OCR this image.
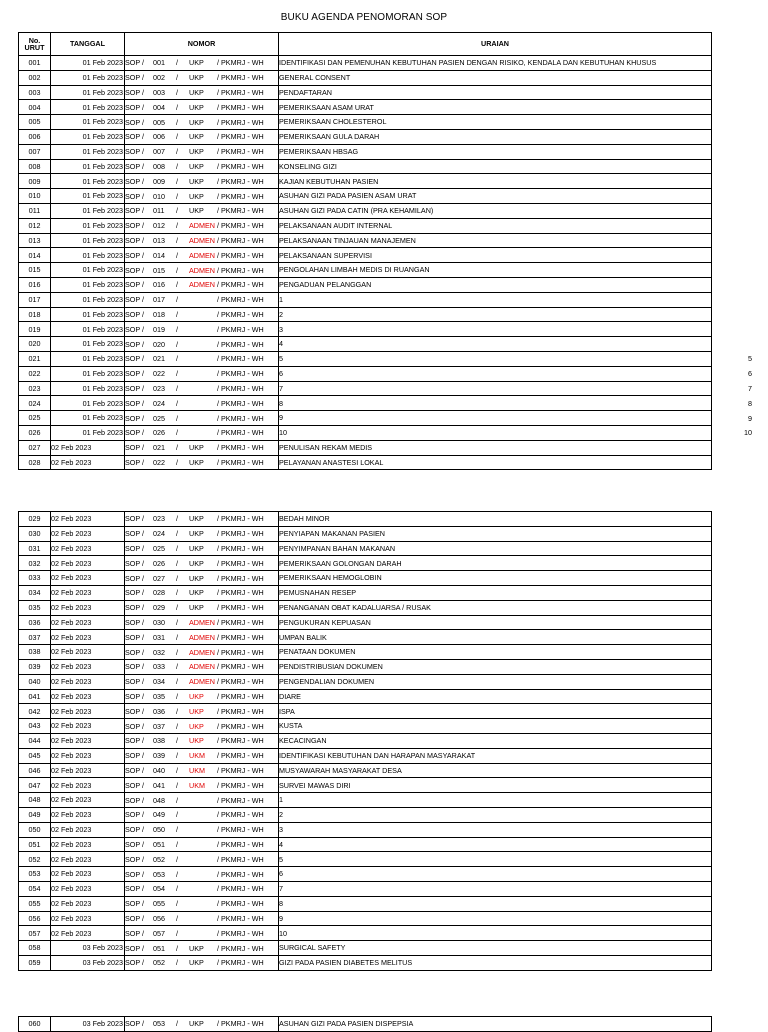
BUKU AGENDA PENOMORAN SOP
No. URUT	TANGGAL	NOMOR	URAIAN
001	01 Feb 2023	SOP / 001 / UKP / PKMRJ - WH	IDENTIFIKASI DAN PEMENUHAN KEBUTUHAN PASIEN DENGAN RISIKO, KENDALA DAN KEBUTUHAN KHUSUS
002	01 Feb 2023	SOP / 002 / UKP / PKMRJ - WH	GENERAL CONSENT
003	01 Feb 2023	SOP / 003 / UKP / PKMRJ - WH	PENDAFTARAN
004	01 Feb 2023	SOP / 004 / UKP / PKMRJ - WH	PEMERIKSAAN ASAM URAT
005	01 Feb 2023	SOP / 005 / UKP / PKMRJ - WH	PEMERIKSAAN CHOLESTEROL
006	01 Feb 2023	SOP / 006 / UKP / PKMRJ - WH	PEMERIKSAAN GULA DARAH
007	01 Feb 2023	SOP / 007 / UKP / PKMRJ - WH	PEMERIKSAAN HBSAG
008	01 Feb 2023	SOP / 008 / UKP / PKMRJ - WH	KONSELING GIZI
009	01 Feb 2023	SOP / 009 / UKP / PKMRJ - WH	KAJIAN KEBUTUHAN PASIEN
010	01 Feb 2023	SOP / 010 / UKP / PKMRJ - WH	ASUHAN GIZI PADA PASIEN ASAM URAT
011	01 Feb 2023	SOP / 011 / UKP / PKMRJ - WH	ASUHAN GIZI PADA CATIN (PRA KEHAMILAN)
012	01 Feb 2023	SOP / 012 / ADMEN / PKMRJ - WH	PELAKSANAAN AUDIT INTERNAL
013	01 Feb 2023	SOP / 013 / ADMEN / PKMRJ - WH	PELAKSANAAN TINJAUAN MANAJEMEN
014	01 Feb 2023	SOP / 014 / ADMEN / PKMRJ - WH	PELAKSANAAN SUPERVISI
015	01 Feb 2023	SOP / 015 / ADMEN / PKMRJ - WH	PENGOLAHAN LIMBAH MEDIS DI RUANGAN
016	01 Feb 2023	SOP / 016 / ADMEN / PKMRJ - WH	PENGADUAN PELANGGAN
017	01 Feb 2023	SOP / 017 / / PKMRJ - WH	1
018	01 Feb 2023	SOP / 018 / / PKMRJ - WH	2
019	01 Feb 2023	SOP / 019 / / PKMRJ - WH	3
020	01 Feb 2023	SOP / 020 / / PKMRJ - WH	4
021	01 Feb 2023	SOP / 021 / / PKMRJ - WH	5
022	01 Feb 2023	SOP / 022 / / PKMRJ - WH	6
023	01 Feb 2023	SOP / 023 / / PKMRJ - WH	7
024	01 Feb 2023	SOP / 024 / / PKMRJ - WH	8
025	01 Feb 2023	SOP / 025 / / PKMRJ - WH	9
026	01 Feb 2023	SOP / 026 / / PKMRJ - WH	10
027	02 Feb 2023	SOP / 021 / UKP / PKMRJ - WH	PENULISAN REKAM MEDIS
028	02 Feb 2023	SOP / 022 / UKP / PKMRJ - WH	PELAYANAN ANASTESI LOKAL
029	02 Feb 2023	SOP / 023 / UKP / PKMRJ - WH	BEDAH MINOR
030	02 Feb 2023	SOP / 024 / UKP / PKMRJ - WH	PENYIAPAN MAKANAN PASIEN
031	02 Feb 2023	SOP / 025 / UKP / PKMRJ - WH	PENYIMPANAN BAHAN MAKANAN
032	02 Feb 2023	SOP / 026 / UKP / PKMRJ - WH	PEMERIKSAAN GOLONGAN DARAH
033	02 Feb 2023	SOP / 027 / UKP / PKMRJ - WH	PEMERIKSAAN HEMOGLOBIN
034	02 Feb 2023	SOP / 028 / UKP / PKMRJ - WH	PEMUSNAHAN RESEP
035	02 Feb 2023	SOP / 029 / UKP / PKMRJ - WH	PENANGANAN OBAT KADALUARSA / RUSAK
036	02 Feb 2023	SOP / 030 / ADMEN / PKMRJ - WH	PENGUKURAN KEPUASAN
037	02 Feb 2023	SOP / 031 / ADMEN / PKMRJ - WH	UMPAN BALIK
038	02 Feb 2023	SOP / 032 / ADMEN / PKMRJ - WH	PENATAAN DOKUMEN
039	02 Feb 2023	SOP / 033 / ADMEN / PKMRJ - WH	PENDISTRIBUSIAN DOKUMEN
040	02 Feb 2023	SOP / 034 / ADMEN / PKMRJ - WH	PENGENDALIAN DOKUMEN
041	02 Feb 2023	SOP / 035 / UKP / PKMRJ - WH	DIARE
042	02 Feb 2023	SOP / 036 / UKP / PKMRJ - WH	ISPA
043	02 Feb 2023	SOP / 037 / UKP / PKMRJ - WH	KUSTA
044	02 Feb 2023	SOP / 038 / UKP / PKMRJ - WH	KECACINGAN
045	02 Feb 2023	SOP / 039 / UKM / PKMRJ - WH	IDENTIFIKASI KEBUTUHAN DAN HARAPAN MASYARAKAT
046	02 Feb 2023	SOP / 040 / UKM / PKMRJ - WH	MUSYAWARAH MASYARAKAT DESA
047	02 Feb 2023	SOP / 041 / UKM / PKMRJ - WH	SURVEI MAWAS DIRI
048	02 Feb 2023	SOP / 048 / / PKMRJ - WH	1
049	02 Feb 2023	SOP / 049 / / PKMRJ - WH	2
050	02 Feb 2023	SOP / 050 / / PKMRJ - WH	3
051	02 Feb 2023	SOP / 051 / / PKMRJ - WH	4
052	02 Feb 2023	SOP / 052 / / PKMRJ - WH	5
053	02 Feb 2023	SOP / 053 / / PKMRJ - WH	6
054	02 Feb 2023	SOP / 054 / / PKMRJ - WH	7
055	02 Feb 2023	SOP / 055 / / PKMRJ - WH	8
056	02 Feb 2023	SOP / 056 / / PKMRJ - WH	9
057	02 Feb 2023	SOP / 057 / / PKMRJ - WH	10
058	03 Feb 2023	SOP / 051 / UKP / PKMRJ - WH	SURGICAL SAFETY
059	03 Feb 2023	SOP / 052 / UKP / PKMRJ - WH	GIZI PADA PASIEN DIABETES MELITUS
060	03 Feb 2023	SOP / 053 / UKP / PKMRJ - WH	ASUHAN GIZI PADA PASIEN DISPEPSIA
5
6
7
8
9
10
